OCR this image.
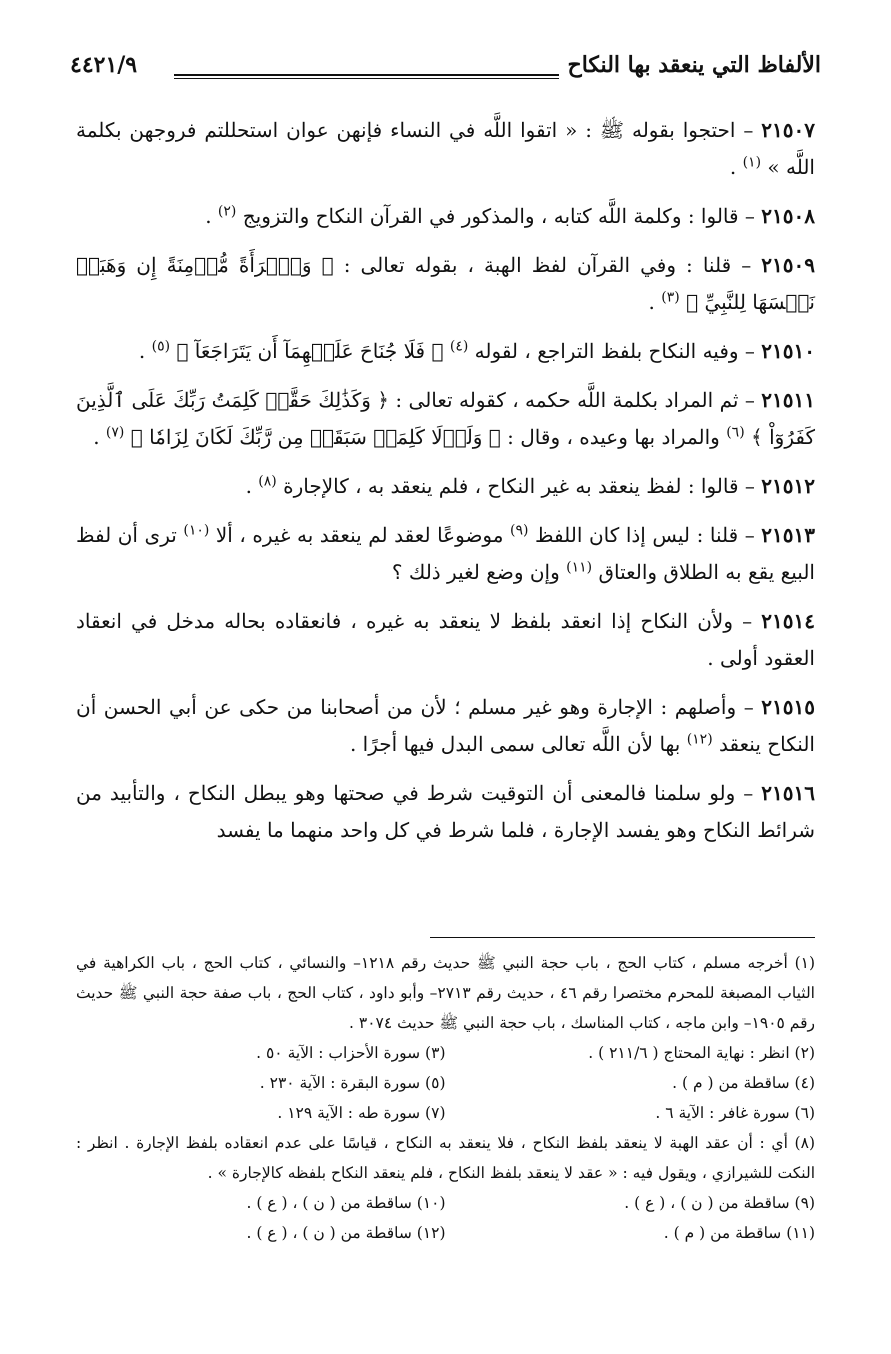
الألفاظ التي ينعقد بها النكاح
٤٤٢١/٩

٢١٥٠٧ – احتجوا بقوله ﷺ : « اتقوا اللَّه في النساء فإنهن عوان استحللتم فروجهن بكلمة اللَّه » $^{(١)}$ .

٢١٥٠٨ – قالوا : وكلمة اللَّه كتابه ، والمذكور في القرآن النكاح والتزويج $^{(٢)}$ .

٢١٥٠٩ – قلنا : وفي القرآن لفظ الهبة ، بقوله تعالى : ﴿ وَٱمۡرَأَةً مُّؤۡمِنَةً إِن وَهَبَتۡ نَفۡسَهَا لِلنَّبِيِّ ﴾ $^{(٣)}$ .

٢١٥١٠ – وفيه النكاح بلفظ التراجع ، لقوله $^{(٤)}$ ﴿ فَلَا جُنَاحَ عَلَيۡهِمَآ أَن يَتَرَاجَعَآ ﴾ $^{(٥)}$ .

٢١٥١١ – ثم المراد بكلمة اللَّه حكمه ، كقوله تعالى : ﴿ وَكَذَٰلِكَ حَقَّتۡ كَلِمَتُ رَبِّكَ عَلَى ٱلَّذِينَ كَفَرُوٓاْ ﴾ $^{(٦)}$ والمراد بها وعيده ، وقال : ﴿ وَلَوۡلَا كَلِمَةٞ سَبَقَتۡ مِن رَّبِّكَ لَكَانَ لِزَامٗا ﴾ $^{(٧)}$ .

٢١٥١٢ – قالوا : لفظ ينعقد به غير النكاح ، فلم ينعقد به ، كالإجارة $^{(٨)}$ .

٢١٥١٣ – قلنا : ليس إذا كان اللفظ $^{(٩)}$ موضوعًا لعقد لم ينعقد به غيره ، ألا $^{(١٠)}$ ترى أن لفظ البيع يقع به الطلاق والعتاق $^{(١١)}$ وإن وضع لغير ذلك ؟

٢١٥١٤ – ولأن النكاح إذا انعقد بلفظ لا ينعقد به غيره ، فانعقاده بحاله مدخل في انعقاد العقود أولى .

٢١٥١٥ – وأصلهم : الإجارة وهو غير مسلم ؛ لأن من أصحابنا من حكى عن أبي الحسن أن النكاح ينعقد $^{(١٢)}$ بها لأن اللَّه تعالى سمى البدل فيها أجرًا .

٢١٥١٦ – ولو سلمنا فالمعنى أن التوقيت شرط في صحتها وهو يبطل النكاح ، والتأبيد من شرائط النكاح وهو يفسد الإجارة ، فلما شرط في كل واحد منهما ما يفسد

(١) أخرجه مسلم ، كتاب الحج ، باب حجة النبي ﷺ حديث رقم ١٢١٨– والنسائي ، كتاب الحج ، باب الكراهية في الثياب المصبغة للمحرم مختصرا رقم ٤٦ ، حديث رقم ٢٧١٣– وأبو داود ، كتاب الحج ، باب صفة حجة النبي ﷺ حديث رقم ١٩٠٥– وابن ماجه ، كتاب المناسك ، باب حجة النبي ﷺ حديث ٣٠٧٤ .

(٢) انظر : نهاية المحتاج ( ٢١١/٦ ) .
(٣) سورة الأحزاب : الآية ٥٠ .
(٤) ساقطة من ( م ) .
(٥) سورة البقرة : الآية ٢٣٠ .
(٦) سورة غافر : الآية ٦ .
(٧) سورة طه : الآية ١٢٩ .

(٨) أي : أن عقد الهبة لا ينعقد بلفظ النكاح ، فلا ينعقد به النكاح ، قياسًا على عدم انعقاده بلفظ الإجارة . انظر : النكت للشيرازي ، ويقول فيه : « عقد لا ينعقد بلفظ النكاح ، فلم ينعقد النكاح بلفظه كالإجارة » .

(٩) ساقطة من ( ن ) ، ( ع ) .
(١٠) ساقطة من ( ن ) ، ( ع ) .
(١١) ساقطة من ( م ) .
(١٢) ساقطة من ( ن ) ، ( ع ) .
